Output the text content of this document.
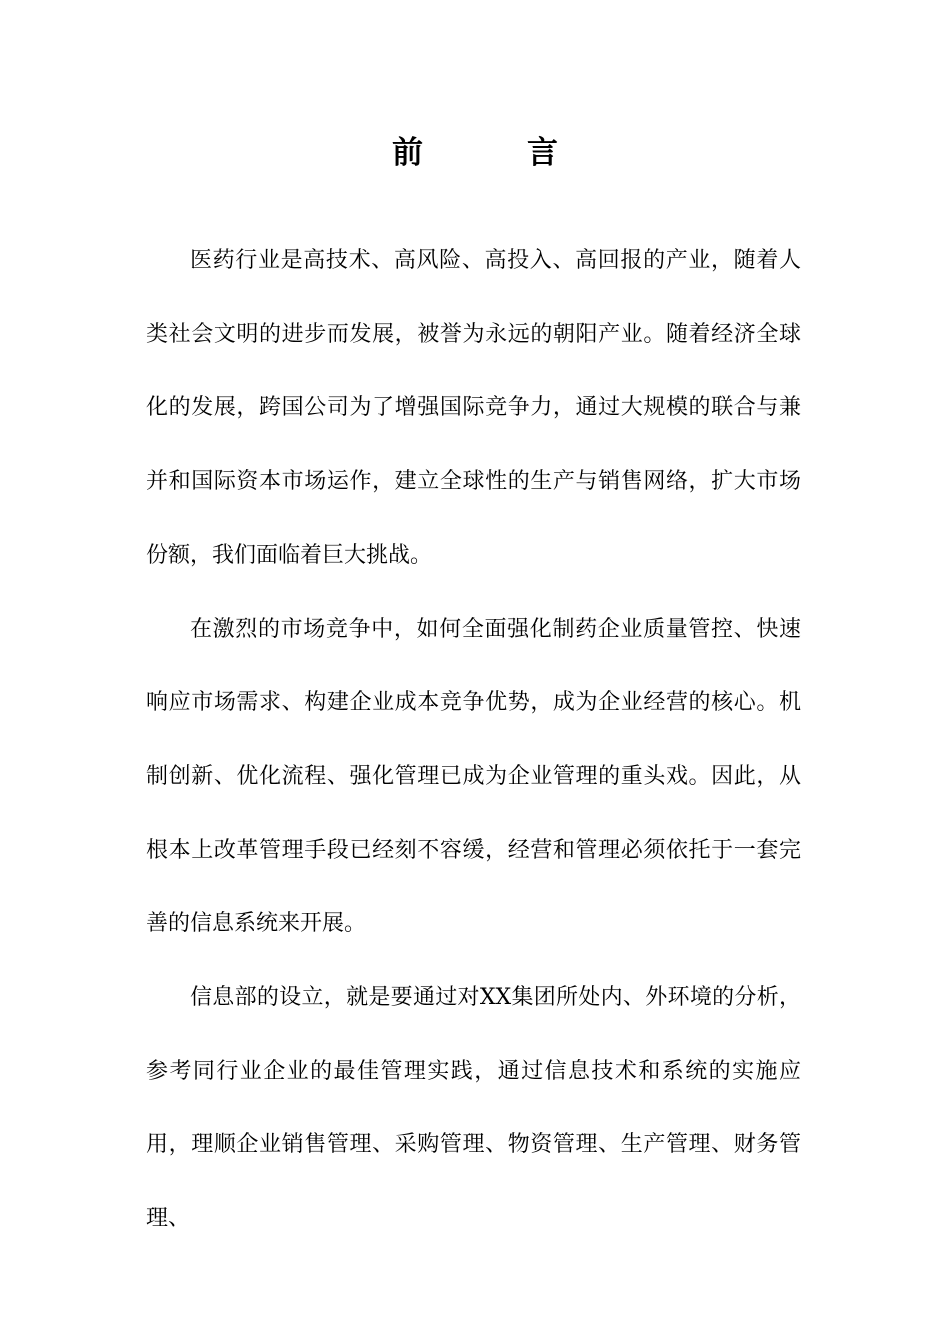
前	言

医药行业是高技术、高风险、高投入、高回报的产业，随着人类社会文明的进步而发展，被誉为永远的朝阳产业。随着经济全球化的发展，跨国公司为了增强国际竞争力，通过大规模的联合与兼并和国际资本市场运作，建立全球性的生产与销售网络，扩大市场份额，我们面临着巨大挑战。

在激烈的市场竞争中，如何全面强化制药企业质量管控、快速响应市场需求、构建企业成本竞争优势，成为企业经营的核心。机制创新、优化流程、强化管理已成为企业管理的重头戏。因此，从根本上改革管理手段已经刻不容缓，经营和管理必须依托于一套完善的信息系统来开展。

信息部的设立，就是要通过对XX集团所处内、外环境的分析，参考同行业企业的最佳管理实践，通过信息技术和系统的实施应用，理顺企业销售管理、采购管理、物资管理、生产管理、财务管理、
